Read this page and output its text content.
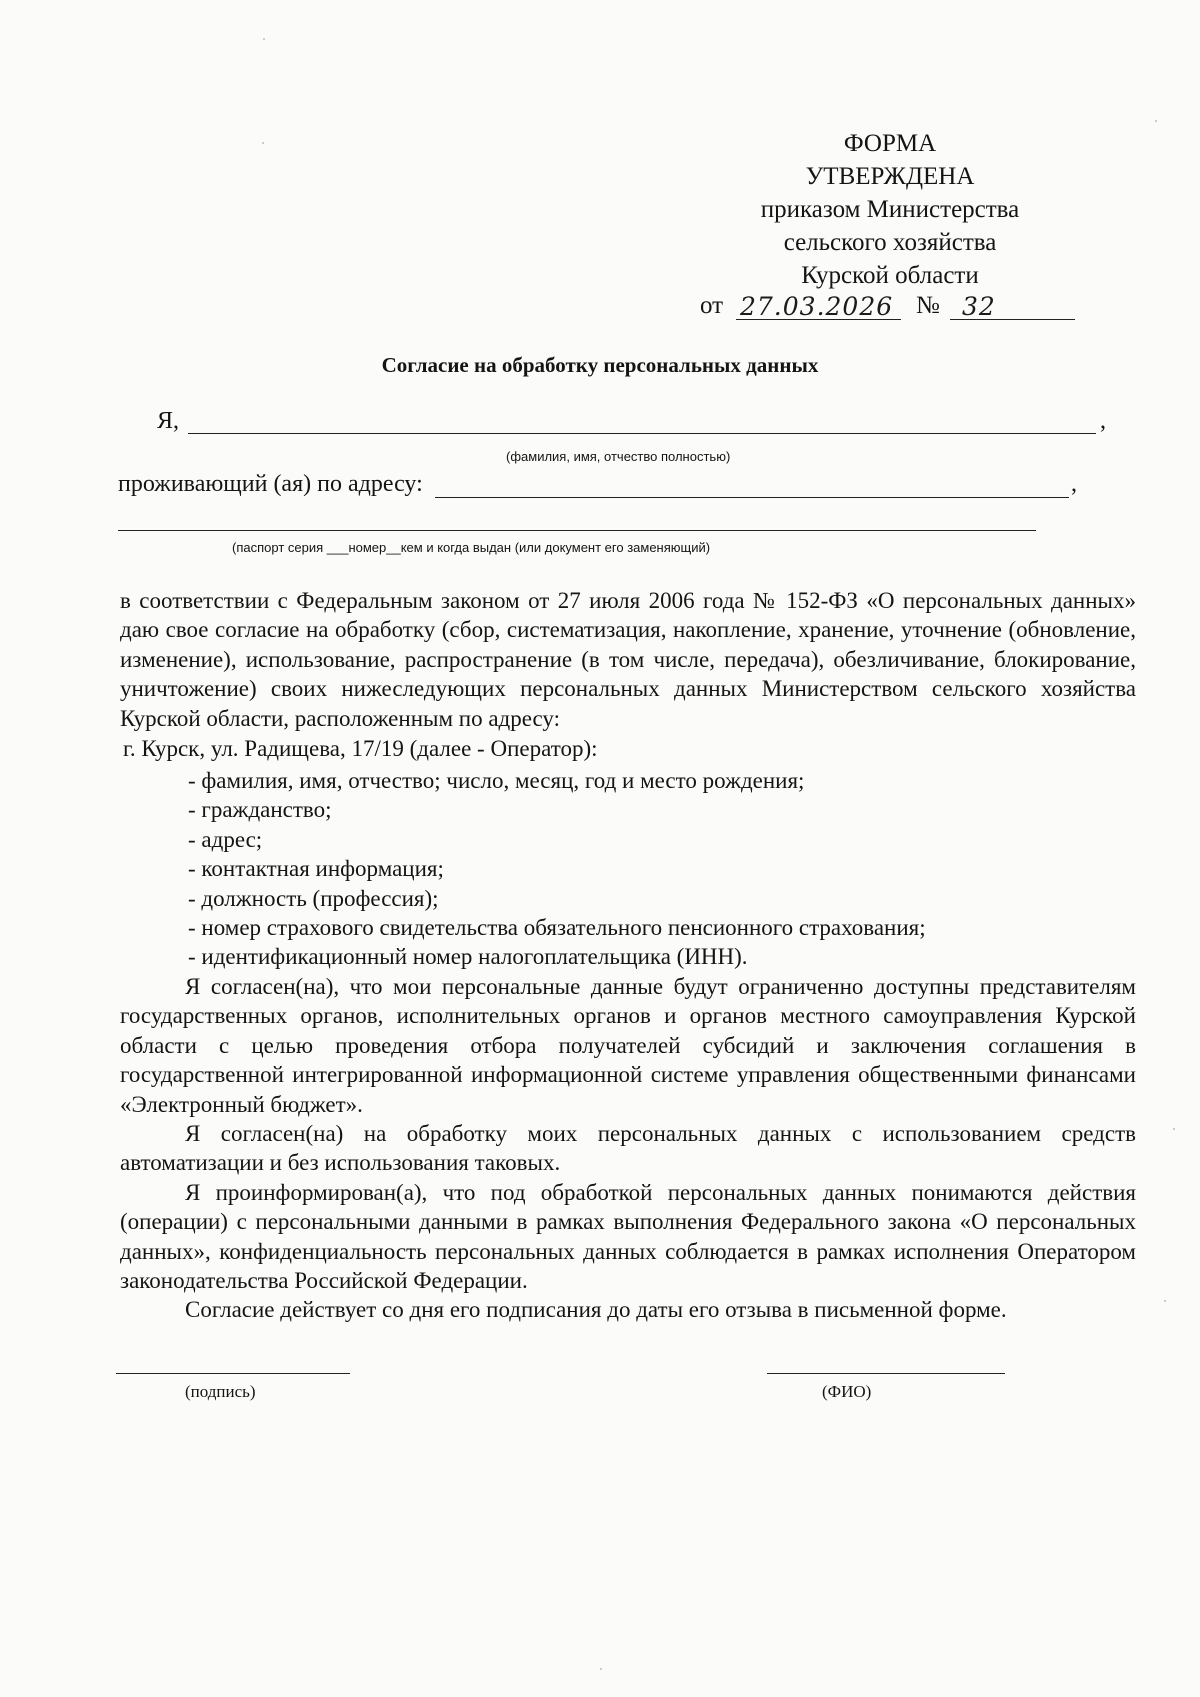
ФОРМА
УТВЕРЖДЕНА
приказом Министерства
сельского хозяйства
Курской области
от 27.03.2026 № 32
Согласие на обработку персональных данных
Я,	,
(фамилия, имя, отчество полностью)
проживающий (ая) по адресу:	,
(паспорт серия ___номер__кем и когда выдан (или документ его заменяющий)

в соответствии с Федеральным законом от 27 июля 2006 года № 152-ФЗ «О персональных данных» даю свое согласие на обработку (сбор, систематизация, накопление, хранение, уточнение (обновление, изменение), использование, распространение (в том числе, передача), обезличивание, блокирование, уничтожение) своих нижеследующих персональных данных Министерством сельского хозяйства Курской области, расположенным по адресу:

г. Курск, ул. Радищева, 17/19 (далее - Оператор):
- фамилия, имя, отчество; число, месяц, год и место рождения;
- гражданство;
- адрес;
- контактная информация;
- должность (профессия);
- номер страхового свидетельства обязательного пенсионного страхования;
- идентификационный номер налогоплательщика (ИНН).

Я согласен(на), что мои персональные данные будут ограниченно доступны представителям государственных органов, исполнительных органов и органов местного самоуправления Курской области с целью проведения отбора получателей субсидий и заключения соглашения в государственной интегрированной информационной системе управления общественными финансами «Электронный бюджет».

Я согласен(на) на обработку моих персональных данных с использованием средств автоматизации и без использования таковых.

Я проинформирован(а), что под обработкой персональных данных понимаются действия (операции) с персональными данными в рамках выполнения Федерального закона «О персональных данных», конфиденциальность персональных данных соблюдается в рамках исполнения Оператором законодательства Российской Федерации.

Согласие действует со дня его подписания до даты его отзыва в письменной форме.

(подпись)	(ФИО)
